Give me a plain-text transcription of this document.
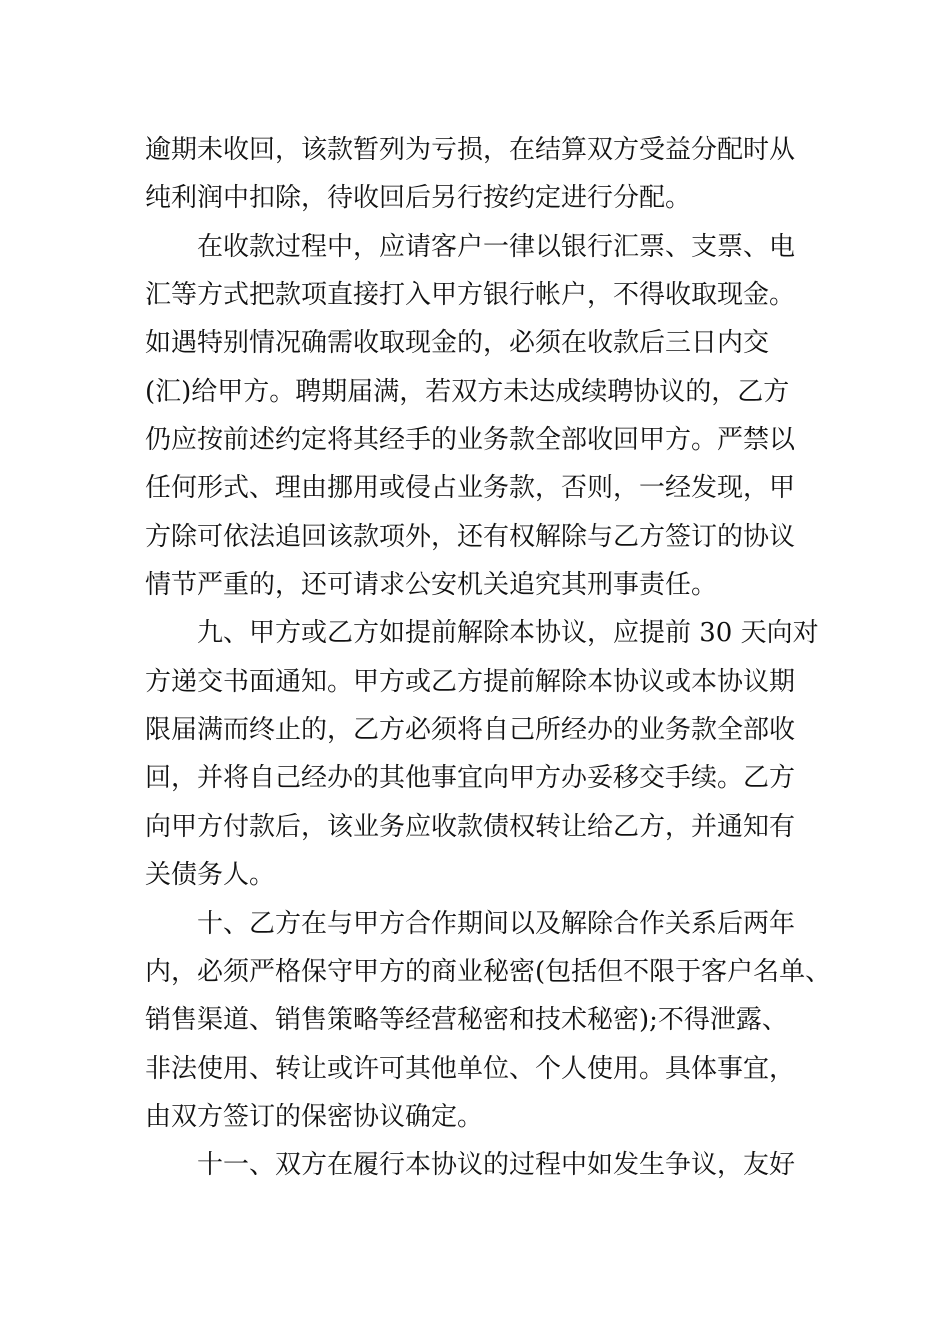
逾期未收回，该款暂列为亏损，在结算双方受益分配时从
纯利润中扣除，待收回后另行按约定进行分配。
在收款过程中，应请客户一律以银行汇票、支票、电
汇等方式把款项直接打入甲方银行帐户，不得收取现金。
如遇特别情况确需收取现金的，必须在收款后三日内交
(汇)给甲方。聘期届满，若双方未达成续聘协议的，乙方
仍应按前述约定将其经手的业务款全部收回甲方。严禁以
任何形式、理由挪用或侵占业务款，否则，一经发现，甲
方除可依法追回该款项外，还有权解除与乙方签订的协议
情节严重的，还可请求公安机关追究其刑事责任。
九、甲方或乙方如提前解除本协议，应提前 30 天向对
方递交书面通知。甲方或乙方提前解除本协议或本协议期
限届满而终止的，乙方必须将自己所经办的业务款全部收
回，并将自己经办的其他事宜向甲方办妥移交手续。乙方
向甲方付款后，该业务应收款债权转让给乙方，并通知有
关债务人。
十、乙方在与甲方合作期间以及解除合作关系后两年
内，必须严格保守甲方的商业秘密(包括但不限于客户名单、
销售渠道、销售策略等经营秘密和技术秘密);不得泄露、
非法使用、转让或许可其他单位、个人使用。具体事宜，
由双方签订的保密协议确定。
十一、双方在履行本协议的过程中如发生争议，友好
